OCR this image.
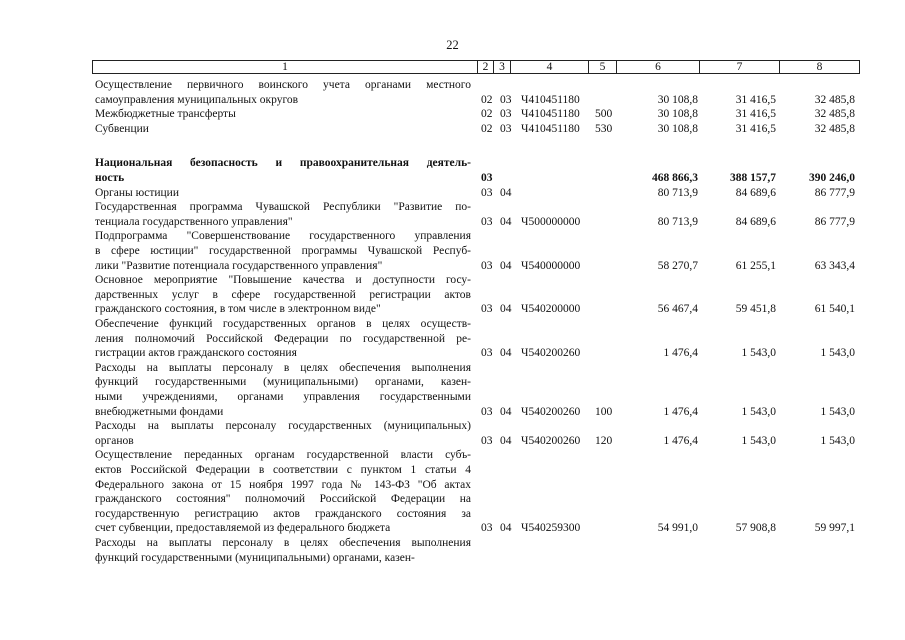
22
1	2 3	4	5	6	7	8
Осуществление первичного воинского учета органами местного
самоуправления муниципальных округов	02 03 Ч410451180	30 108,8	31 416,5	32 485,8
Межбюджетные трансферты	02 03 Ч410451180 500	30 108,8	31 416,5	32 485,8
Субвенции	02 03 Ч410451180 530	30 108,8	31 416,5	32 485,8
Национальная безопасность и правоохранительная деятель-
ность	03	468 866,3	388 157,7	390 246,0
Органы юстиции	03 04	80 713,9	84 689,6	86 777,9
Государственная программа Чувашской Республики "Развитие по-
тенциала государственного управления"	03 04 Ч500000000	80 713,9	84 689,6	86 777,9
Подпрограмма "Совершенствование государственного управления
в сфере юстиции" государственной программы Чувашской Респуб-
лики "Развитие потенциала государственного управления"	03 04 Ч540000000	58 270,7	61 255,1	63 343,4
Основное мероприятие "Повышение качества и доступности госу-
дарственных услуг в сфере государственной регистрации актов
гражданского состояния, в том числе в электронном виде"	03 04 Ч540200000	56 467,4	59 451,8	61 540,1
Обеспечение функций государственных органов в целях осуществ-
ления полномочий Российской Федерации по государственной ре-
гистрации актов гражданского состояния	03 04 Ч540200260	1 476,4	1 543,0	1 543,0
Расходы на выплаты персоналу в целях обеспечения выполнения
функций государственными (муниципальными) органами, казен-
ными учреждениями, органами управления государственными
внебюджетными фондами	03 04 Ч540200260 100	1 476,4	1 543,0	1 543,0
Расходы на выплаты персоналу государственных (муниципальных)
органов	03 04 Ч540200260 120	1 476,4	1 543,0	1 543,0
Осуществление переданных органам государственной власти субъ-
ектов Российской Федерации в соответствии с пунктом 1 статьи 4
Федерального закона от 15 ноября 1997 года № 143-ФЗ "Об актах
гражданского состояния" полномочий Российской Федерации на
государственную регистрацию актов гражданского состояния за
счет субвенции, предоставляемой из федерального бюджета	03 04 Ч540259300	54 991,0	57 908,8	59 997,1
Расходы на выплаты персоналу в целях обеспечения выполнения
функций государственными (муниципальными) органами, казен-
